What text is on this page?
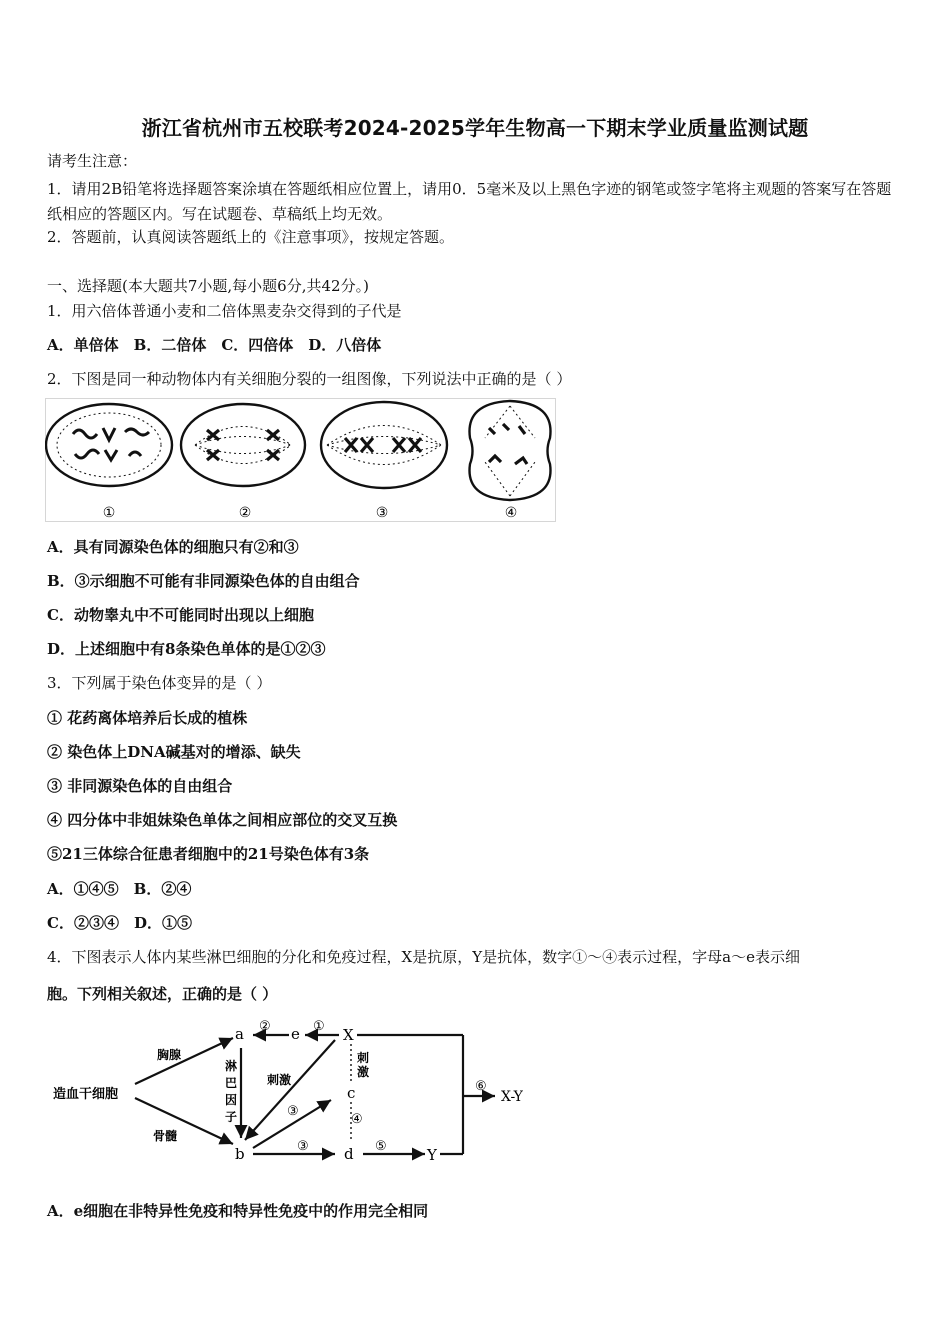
浙江省杭州市五校联考2024-2025学年生物高一下期末学业质量监测试题
请考生注意：
1．请用2B铅笔将选择题答案涂填在答题纸相应位置上，请用0．5毫米及以上黑色字迹的钢笔或签字笔将主观题的答案写在答题纸相应的答题区内。写在试题卷、草稿纸上均无效。
2．答题前，认真阅读答题纸上的《注意事项》，按规定答题。
一、选择题(本大题共7小题,每小题6分,共42分。)
1．用六倍体普通小麦和二倍体黑麦杂交得到的子代是
A．单倍体　B．二倍体　C．四倍体　D．八倍体
2．下图是同一种动物体内有关细胞分裂的一组图像，下列说法中正确的是（ ）
①	②	③	④
A．具有同源染色体的细胞只有②和③
B．③示细胞不可能有非同源染色体的自由组合
C．动物睾丸中不可能同时出现以上细胞
D．上述细胞中有8条染色单体的是①②③
3．下列属于染色体变异的是（ ）
① 花药离体培养后长成的植株
② 染色体上DNA碱基对的增添、缺失
③ 非同源染色体的自由组合
④ 四分体中非姐妹染色单体之间相应部位的交叉互换
⑤21三体综合征患者细胞中的21号染色体有3条
A．①④⑤　B．②④
C．②③④　D．①⑤
4．下图表示人体内某些淋巴细胞的分化和免疫过程，X是抗原，Y是抗体，数字①～④表示过程，字母a～e表示细
胞。下列相关叙述，正确的是（ ）
造血干细胞
胸腺
骨髓
a
b
c
d
e	X
Y
X-Y
淋
巴
因
子
刺激
刺
激
①
②
③
③
④
⑤
⑥
A．e细胞在非特异性免疫和特异性免疫中的作用完全相同
